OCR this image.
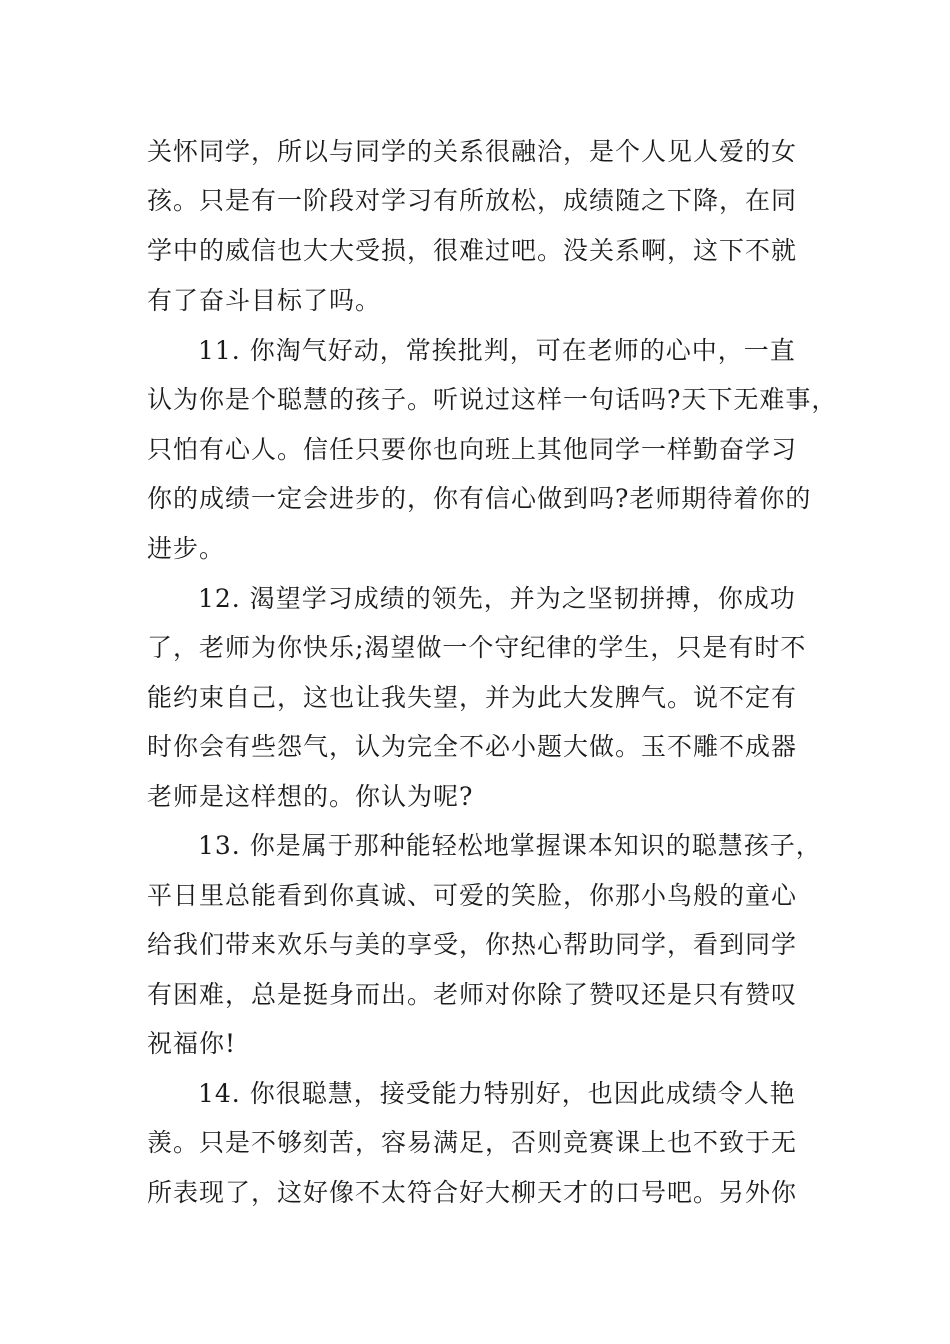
关怀同学，所以与同学的关系很融洽，是个人见人爱的女
孩。只是有一阶段对学习有所放松，成绩随之下降，在同
学中的威信也大大受损，很难过吧。没关系啊，这下不就
有了奋斗目标了吗。
11. 你淘气好动，常挨批判，可在老师的心中，一直
认为你是个聪慧的孩子。听说过这样一句话吗?天下无难事，
只怕有心人。信任只要你也向班上其他同学一样勤奋学习
你的成绩一定会进步的，你有信心做到吗?老师期待着你的
进步。
12. 渴望学习成绩的领先，并为之坚韧拼搏，你成功
了，老师为你快乐;渴望做一个守纪律的学生，只是有时不
能约束自己，这也让我失望，并为此大发脾气。说不定有
时你会有些怨气，认为完全不必小题大做。玉不雕不成器
老师是这样想的。你认为呢?
13. 你是属于那种能轻松地掌握课本知识的聪慧孩子，
平日里总能看到你真诚、可爱的笑脸，你那小鸟般的童心
给我们带来欢乐与美的享受，你热心帮助同学，看到同学
有困难，总是挺身而出。老师对你除了赞叹还是只有赞叹
祝福你!
14. 你很聪慧，接受能力特别好，也因此成绩令人艳
羡。只是不够刻苦，容易满足，否则竞赛课上也不致于无
所表现了，这好像不太符合好大柳天才的口号吧。另外你
